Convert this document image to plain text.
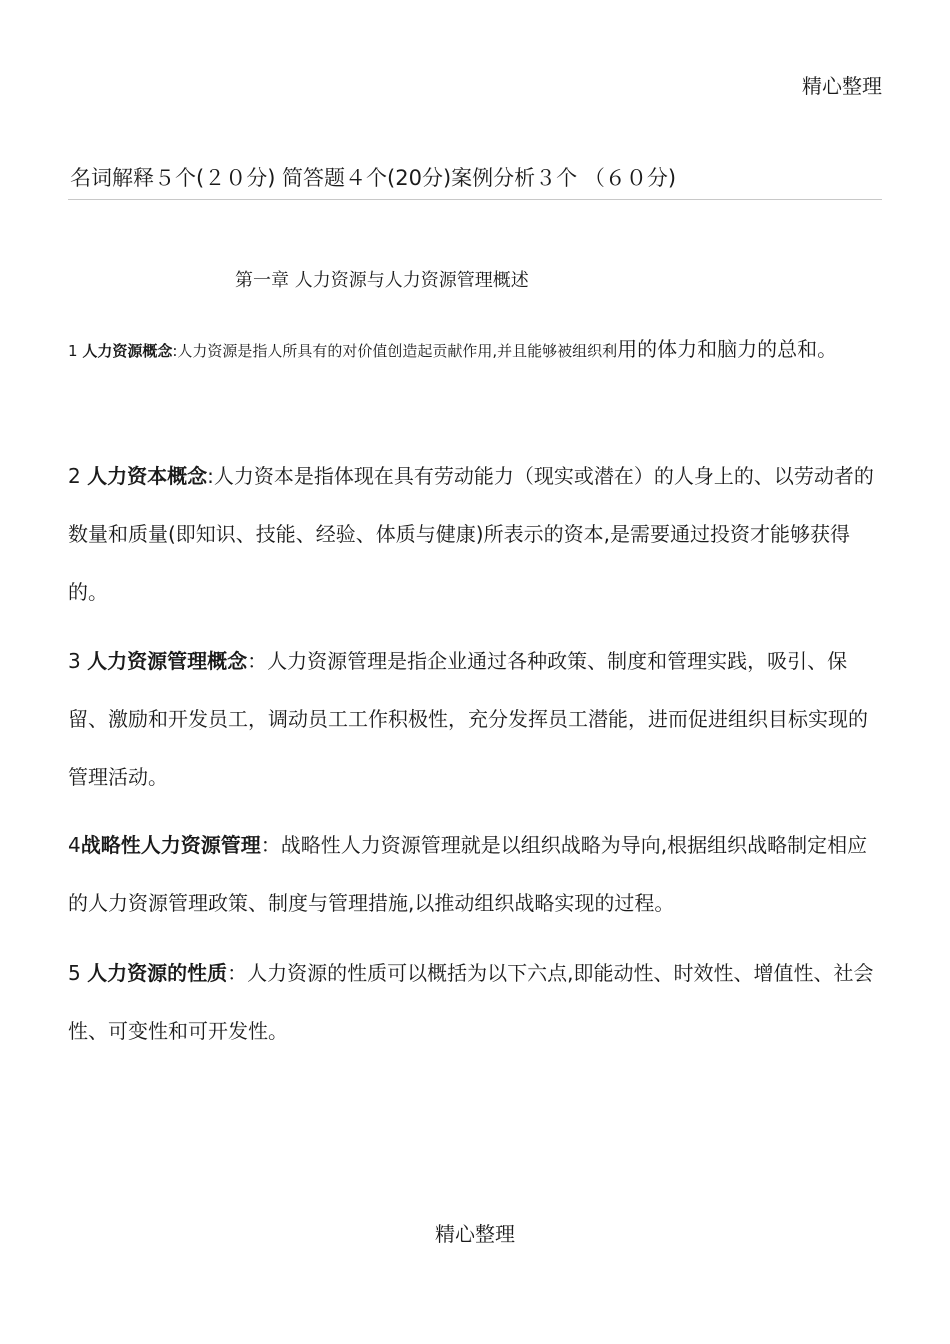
精心整理
名词解释５个(２０分) 简答题４个(20分)案例分析３个 （６０分)
第一章 人力资源与人力资源管理概述
1 人力资源概念:人力资源是指人所具有的对价值创造起贡献作用,并且能够被组织利用的体力和脑力的总和。
2 人力资本概念:人力资本是指体现在具有劳动能力（现实或潜在）的人身上的、以劳动者的数量和质量(即知识、技能、经验、体质与健康)所表示的资本,是需要通过投资才能够获得的。
3 人力资源管理概念：人力资源管理是指企业通过各种政策、制度和管理实践，吸引、保留、激励和开发员工，调动员工工作积极性，充分发挥员工潜能，进而促进组织目标实现的管理活动。
4战略性人力资源管理：战略性人力资源管理就是以组织战略为导向,根据组织战略制定相应的人力资源管理政策、制度与管理措施,以推动组织战略实现的过程。
5 人力资源的性质：人力资源的性质可以概括为以下六点,即能动性、时效性、增值性、社会 性、可变性和可开发性。
精心整理
